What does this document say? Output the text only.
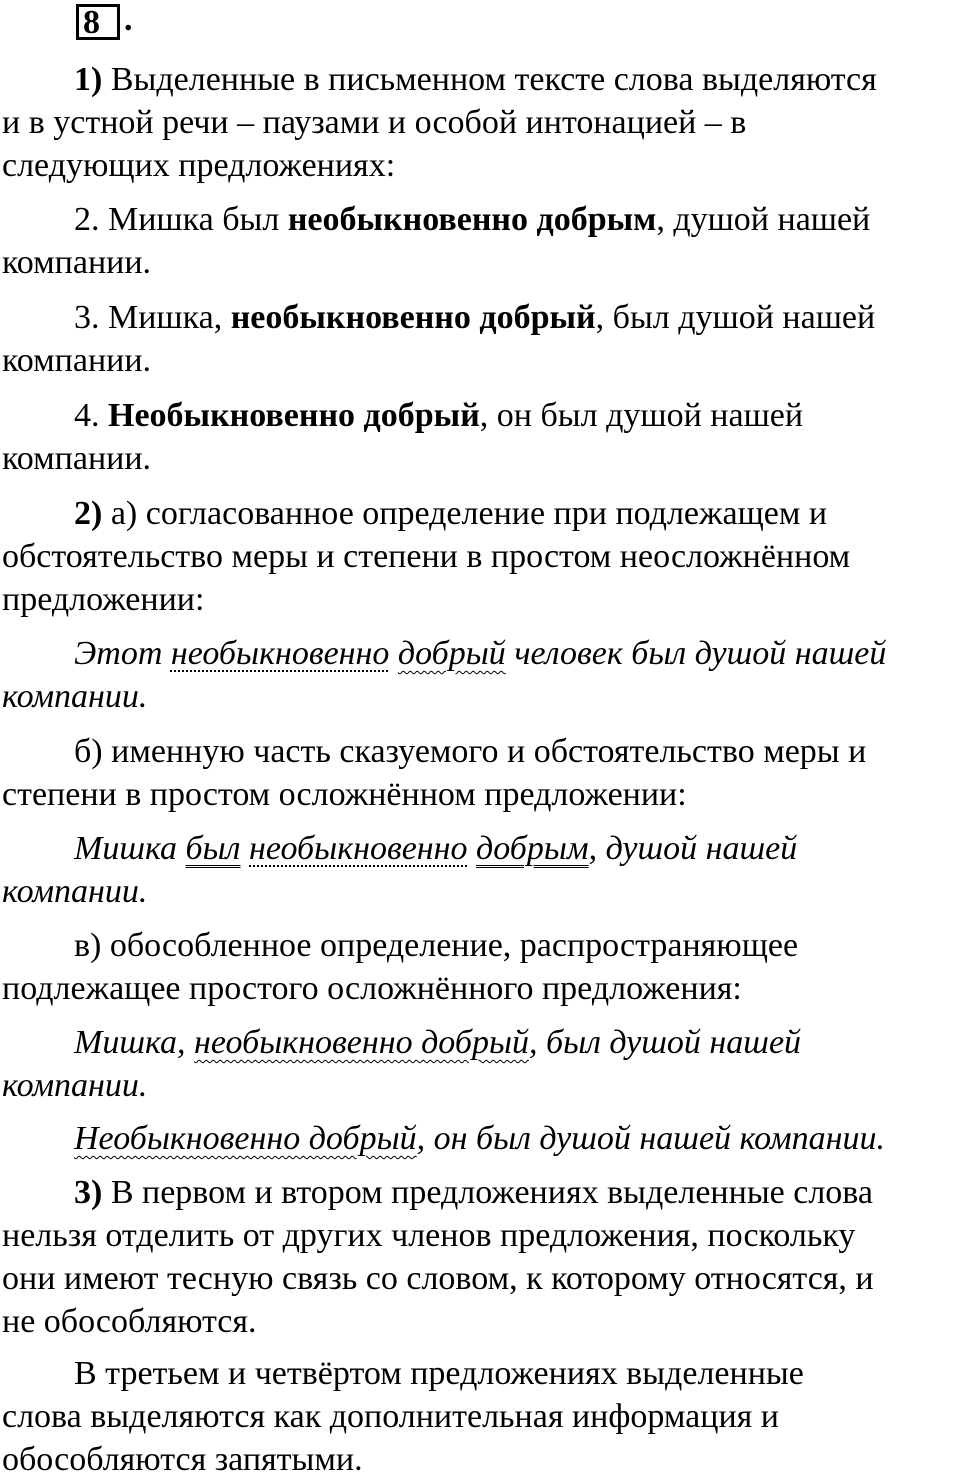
8 .

1) Выделенные в письменном тексте слова выделяются
и в устной речи – паузами и особой интонацией – в
следующих предложениях:

2. Мишка был необыкновенно добрым, душой нашей
компании.

3. Мишка, необыкновенно добрый, был душой нашей
компании.

4. Необыкновенно добрый, он был душой нашей
компании.

2) а) согласованное определение при подлежащем и
обстоятельство меры и степени в простом неосложнённом
предложении:

Этот необыкновенно добрый человек был душой нашей
компании.

б) именную часть сказуемого и обстоятельство меры и
степени в простом осложнённом предложении:

Мишка был необыкновенно добрым, душой нашей
компании.

в) обособленное определение, распространяющее
подлежащее простого осложнённого предложения:

Мишка, необыкновенно добрый, был душой нашей
компании.

Необыкновенно добрый, он был душой нашей компании.

3) В первом и втором предложениях выделенные слова
нельзя отделить от других членов предложения, поскольку
они имеют тесную связь со словом, к которому относятся, и
не обособляются.

В третьем и четвёртом предложениях выделенные
слова выделяются как дополнительная информация и
обособляются запятыми.
